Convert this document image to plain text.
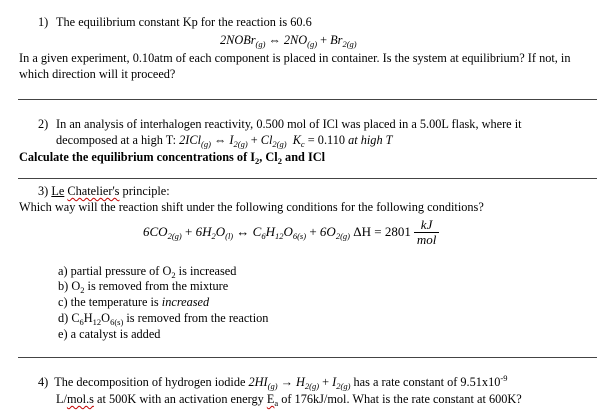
1) The equilibrium constant Kp for the reaction is 60.6
2NOBr$_{(g)}$ ⇔ $2NO_{(g)} + Br_{2(g)}$
In a given experiment, 0.10atm of each component is placed in container. Is the system at equilibrium? If not, in
which direction will it proceed?
2) In an analysis of interhalogen reactivity, 0.500 mol of ICl was placed in a 5.00L flask, where it
decomposed at a high T: 2ICl$_{(g)}$ ⇔ $I_{2(g)} + Cl_{2(g)}$ $K_c = 0.110$ at high T
Calculate the equilibrium concentrations of $I_2$, $Cl_2$ and ICl
3) Le Chatelier's principle:
Which way will the reaction shift under the following conditions for the following conditions?
$6CO_{2(g)} + 6H_2O_{(l)}$ ↔ $C_6H_{12}O_{6(s)} + 6O_{2(g)}$ $\Delta H = 2801 \frac{kJ}{\text{mol}}$
a) partial pressure of $O_2$ is increased
b) $O_2$ is removed from the mixture
c) the temperature is increased
d) $C_6H_{12}O_{6(s)}$ is removed from the reaction
e) a catalyst is added
4) The decomposition of hydrogen iodide $2HI_{(g)} \to H_{2(g)} + I_{2(g)}$ has a rate constant of $9.51x10^{-9}$
L/mol.s at 500K with an activation energy $E_a$ of 176kJ/mol. What is the rate constant at 600K?
